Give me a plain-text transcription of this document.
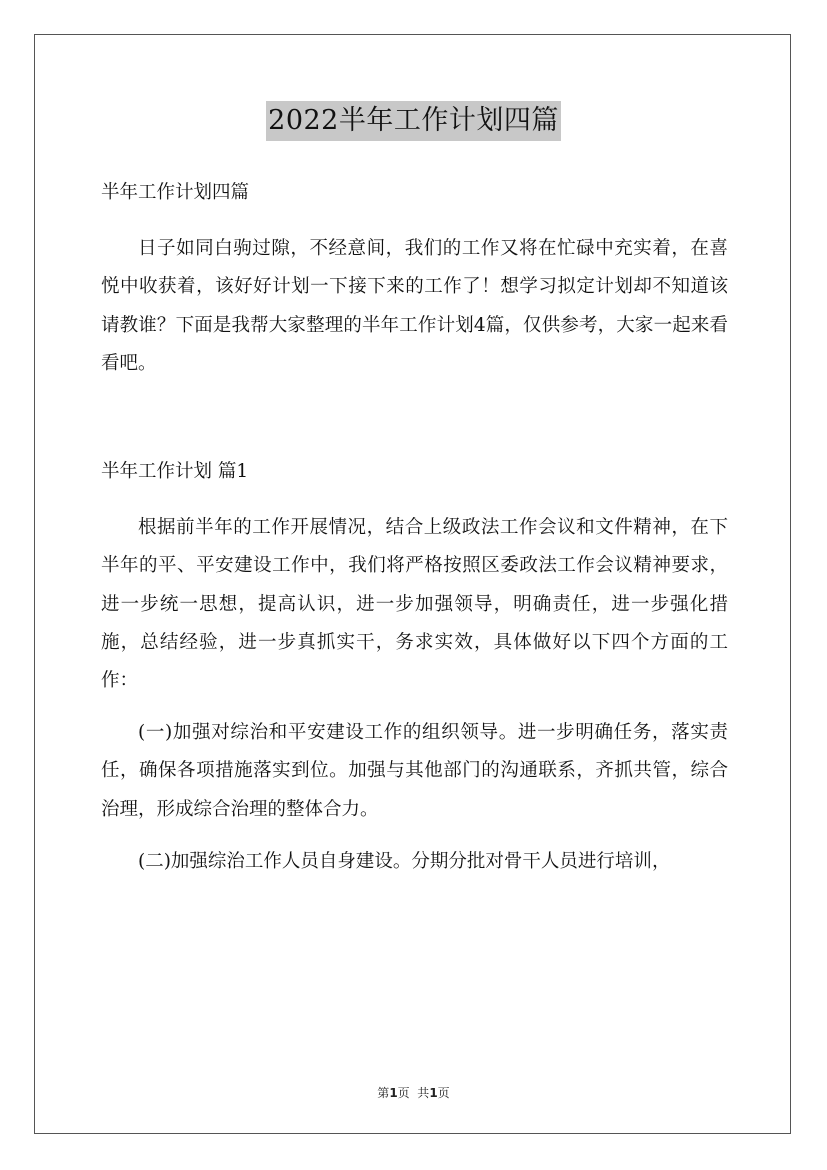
2022半年工作计划四篇

半年工作计划四篇

日子如同白驹过隙，不经意间，我们的工作又将在忙碌中充实着，在喜悦中收获着，该好好计划一下接下来的工作了！想学习拟定计划却不知道该请教谁？下面是我帮大家整理的半年工作计划4篇，仅供参考，大家一起来看看吧。

半年工作计划 篇1

根据前半年的工作开展情况，结合上级政法工作会议和文件精神，在下半年的平、平安建设工作中，我们将严格按照区委政法工作会议精神要求，进一步统一思想，提高认识，进一步加强领导，明确责任，进一步强化措施，总结经验，进一步真抓实干，务求实效，具体做好以下四个方面的工作：

(一)加强对综治和平安建设工作的组织领导。进一步明确任务，落实责任，确保各项措施落实到位。加强与其他部门的沟通联系，齐抓共管，综合治理，形成综合治理的整体合力。

(二)加强综治工作人员自身建设。分期分批对骨干人员进行培训，

第1页  共1页
